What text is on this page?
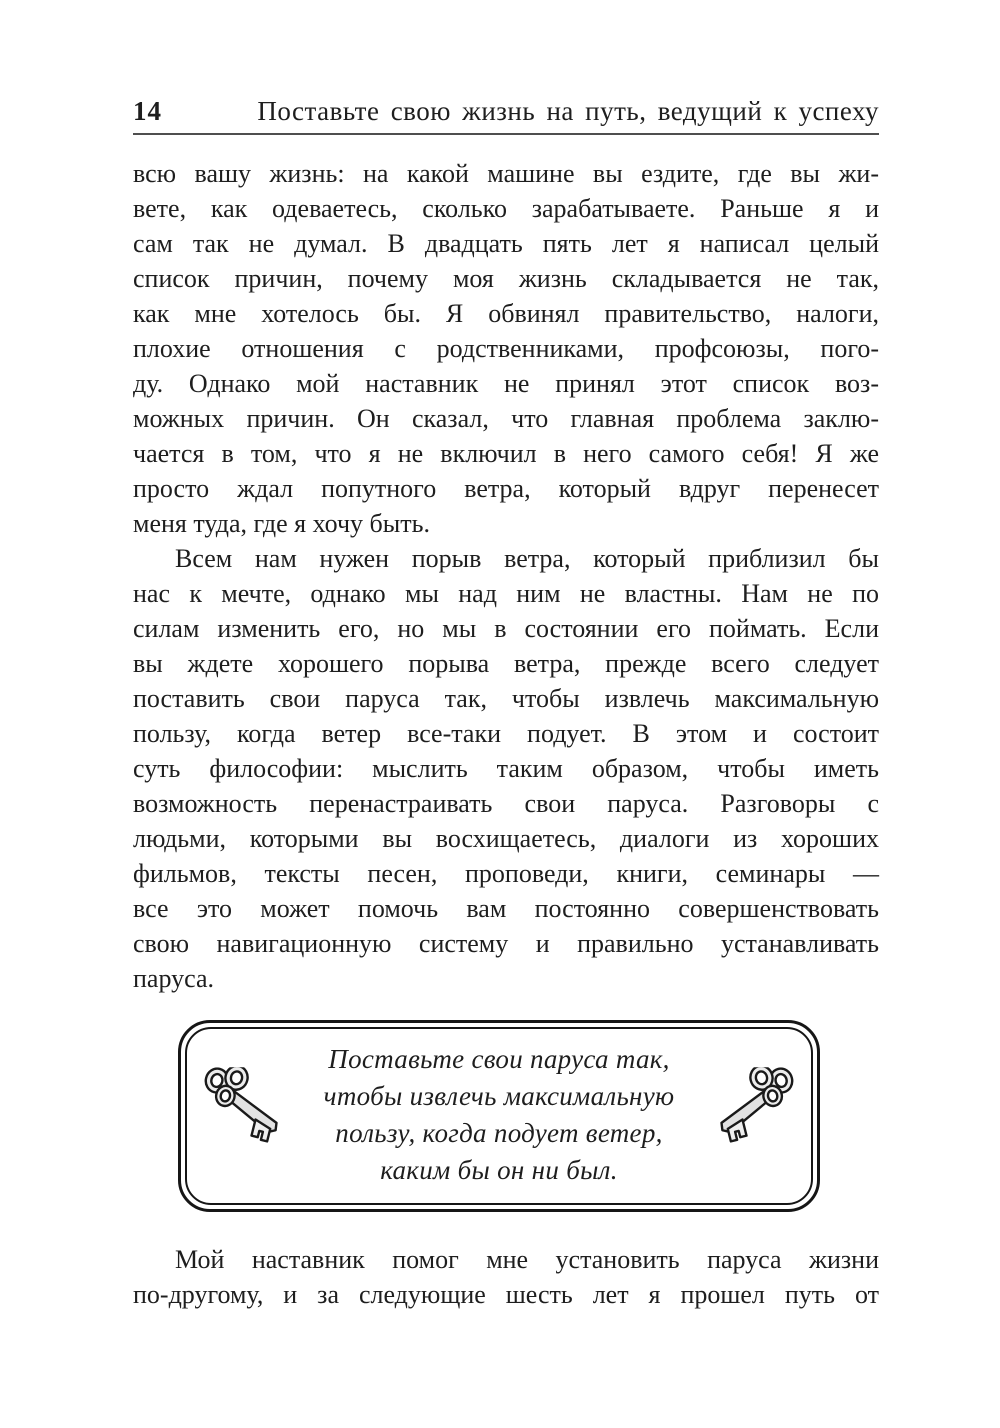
14	Поставьте свою жизнь на путь, ведущий к успеху
всю вашу жизнь: на какой машине вы ездите, где вы жи-
вете, как одеваетесь, сколько зарабатываете. Раньше я и
сам так не думал. В двадцать пять лет я написал целый
список причин, почему моя жизнь складывается не так,
как мне хотелось бы. Я обвинял правительство, налоги,
плохие отношения с родственниками, профсоюзы, пого-
ду. Однако мой наставник не принял этот список воз-
можных причин. Он сказал, что главная проблема заклю-
чается в том, что я не включил в него самого себя! Я же
просто ждал попутного ветра, который вдруг перенесет
меня туда, где я хочу быть.
Всем нам нужен порыв ветра, который приблизил бы
нас к мечте, однако мы над ним не властны. Нам не по
силам изменить его, но мы в состоянии его поймать. Если
вы ждете хорошего порыва ветра, прежде всего следует
поставить свои паруса так, чтобы извлечь максимальную
пользу, когда ветер все-таки подует. В этом и состоит
суть философии: мыслить таким образом, чтобы иметь
возможность перенастраивать свои паруса. Разговоры с
людьми, которыми вы восхищаетесь, диалоги из хороших
фильмов, тексты песен, проповеди, книги, семинары —
все это может помочь вам постоянно совершенствовать
свою навигационную систему и правильно устанавливать
паруса.
Поставьте свои паруса так,
чтобы извлечь максимальную
пользу, когда подует ветер,
каким бы он ни был.
Мой наставник помог мне установить паруса жизни
по-другому, и за следующие шесть лет я прошел путь от
